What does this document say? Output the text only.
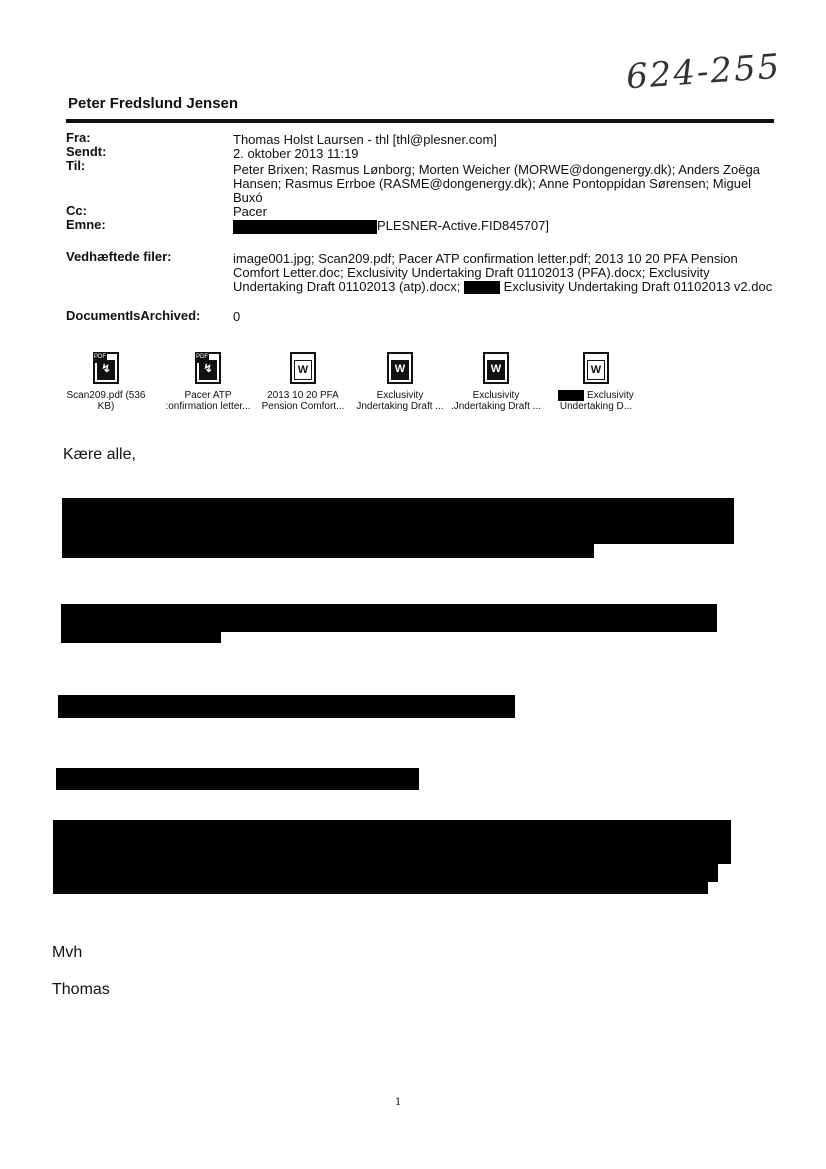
624-255
Peter Fredslund Jensen
Fra:	Thomas Holst Laursen - thl [thl@plesner.com]
Sendt:	2. oktober 2013 11:19
Til:	Peter Brixen; Rasmus Lønborg; Morten Weicher (MORWE@dongenergy.dk); Anders Zoëga Hansen; Rasmus Errboe (RASME@dongenergy.dk); Anne Pontoppidan Sørensen; Miguel Buxó
Cc:	Pacer
Emne:	PLESNER-Active.FID845707]
Vedhæftede filer:	image001.jpg; Scan209.pdf; Pacer ATP confirmation letter.pdf; 2013 10 20 PFA Pension Comfort Letter.doc; Exclusivity Undertaking Draft 01102013 (PFA).docx; Exclusivity Undertaking Draft 01102013 (atp).docx;	Exclusivity Undertaking Draft 01102013 v2.doc
DocumentIsArchived:	0
PDF
↯
Scan209.pdf (536
KB)
PDF
↯
Pacer ATP
:onfirmation letter...
W
2013 10 20 PFA
Pension Comfort...
W
Exclusivity
Jndertaking Draft ...
W
Exclusivity
.Jndertaking Draft ...
W
Exclusivity
Undertaking D...
Kære alle,
Mvh
Thomas
1
